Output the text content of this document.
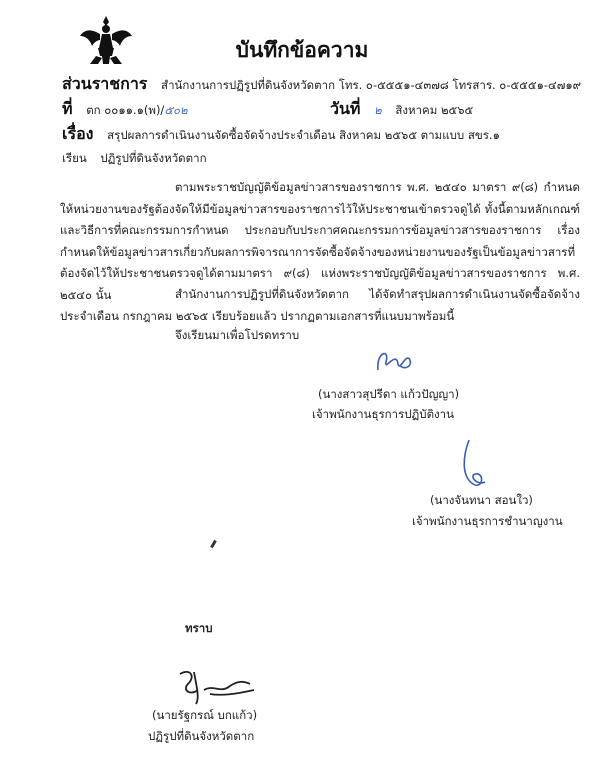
บันทึกข้อความ
ส่วนราชการ สำนักงานการปฏิรูปที่ดินจังหวัดตาก โทร. ๐-๕๕๕๑-๔๓๗๘ โทรสาร. ๐-๕๕๕๑-๔๗๑๙
ที่ ตก ๐๐๑๑.๑(พ)/๕๐๒	วันที่ ๒ สิงหาคม ๒๕๖๕
เรื่อง สรุปผลการดำเนินงานจัดซื้อจัดจ้างประจำเดือน สิงหาคม ๒๕๖๕ ตามแบบ สขร.๑
เรียน ปฏิรูปที่ดินจังหวัดตาก
ตามพระราชบัญญัติข้อมูลข่าวสารของราชการ พ.ศ. ๒๕๔๐ มาตรา ๙(๘) กำหนดให้หน่วยงานของรัฐต้องจัดให้มีข้อมูลข่าวสารของราชการไว้ให้ประชาชนเข้าตรวจดูได้ ทั้งนี้ตามหลักเกณฑ์และวิธีการที่คณะกรรมการกำหนด ประกอบกับประกาศคณะกรรมการข้อมูลข่าวสารของราชการ เรื่อง กำหนดให้ข้อมูลข่าวสารเกี่ยวกับผลการพิจารณาการจัดซื้อจัดจ้างของหน่วยงานของรัฐเป็นข้อมูลข่าวสารที่ต้องจัดไว้ให้ประชาชนตรวจดูได้ตามมาตรา ๙(๘) แห่งพระราชบัญญัติข้อมูลข่าวสารของราชการ พ.ศ. ๒๕๔๐ นั้น	สำนักงานการปฏิรูปที่ดินจังหวัดตาก ได้จัดทำสรุปผลการดำเนินงานจัดซื้อจัดจ้างประจำเดือน กรกฎาคม ๒๕๖๕ เรียบร้อยแล้ว ปรากฏตามเอกสารที่แนบมาพร้อมนี้
จึงเรียนมาเพื่อโปรดทราบ
(นางสาวสุปรีดา แก้วปัญญา)
เจ้าพนักงานธุรการปฏิบัติงาน
(นางจันทนา สอนใว)
เจ้าพนักงานธุรการชำนาญงาน
ทราบ
(นายรัฐกรณ์ บกแก้ว)
ปฏิรูปที่ดินจังหวัดตาก
